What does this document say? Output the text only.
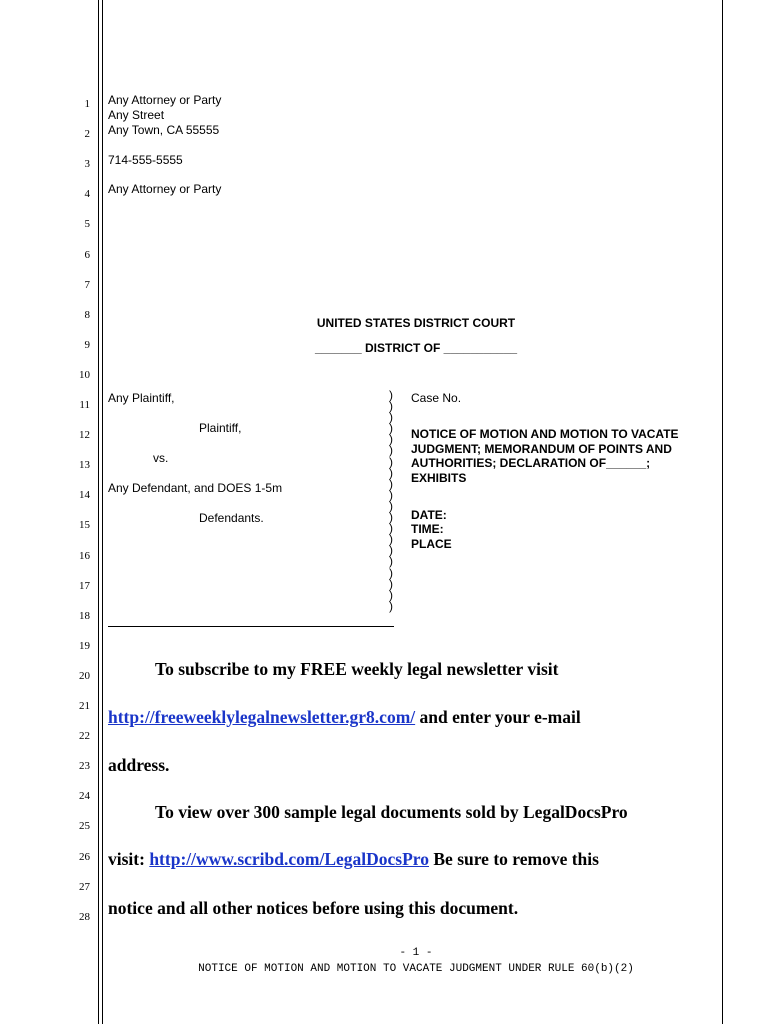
1
2
3
4
5
6
7
8
9
10
11
12
13
14
15
16
17
18
19
20
21
22
23
24
25
26
27
28
Any Attorney or Party
Any Street
Any Town, CA 55555
714-555-5555
Any Attorney or Party
UNITED STATES DISTRICT COURT
_______ DISTRICT OF ___________
Any Plaintiff,
Plaintiff,
vs.
Any Defendant, and DOES 1-5m
Defendants.
)
)
)
)
)
)
)
)
)
)
)
)
)
)
)
)
)
)
)
)
Case No.
NOTICE OF MOTION AND MOTION TO VACATE
JUDGMENT; MEMORANDUM OF POINTS AND
AUTHORITIES; DECLARATION OF______;
EXHIBITS
DATE:
TIME:
PLACE
To subscribe to my FREE weekly legal newsletter visit
http://freeweeklylegalnewsletter.gr8.com/ and enter your e-mail
address.
To view over 300 sample legal documents sold by LegalDocsPro
visit: http://www.scribd.com/LegalDocsPro Be sure to remove this
notice and all other notices before using this document.
- 1 -
NOTICE OF MOTION AND MOTION TO VACATE JUDGMENT UNDER RULE 60(b)(2)
